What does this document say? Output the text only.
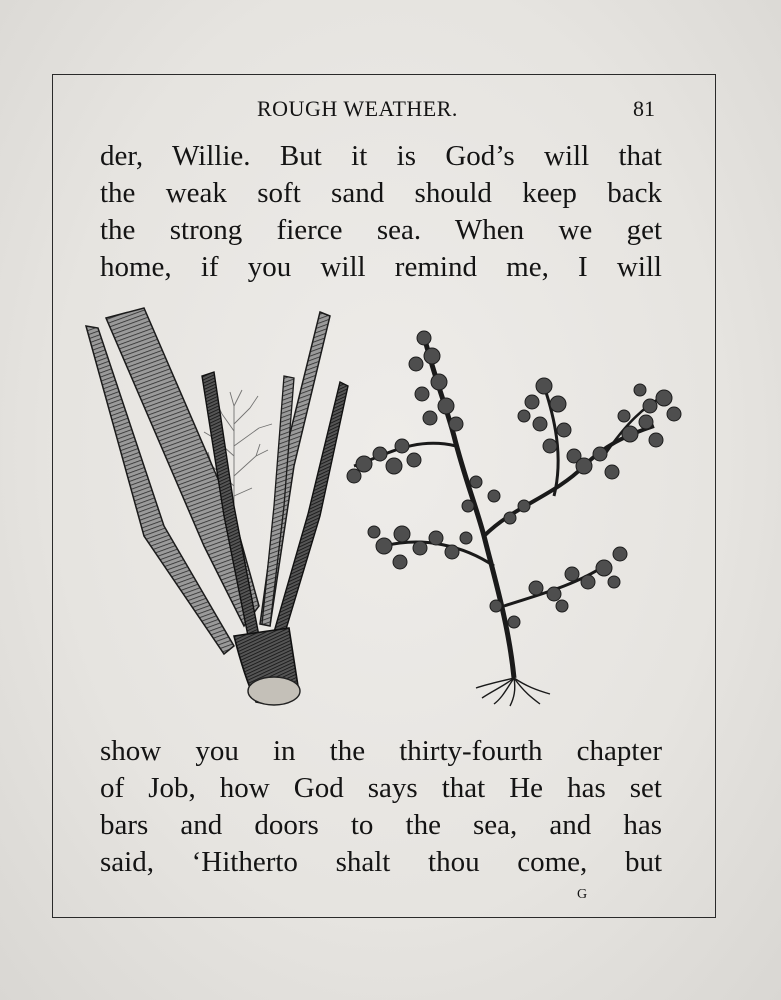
ROUGH WEATHER.	81
der, Willie. But it is God’s will that
the weak soft sand should keep back
the strong fierce sea. When we get
home, if you will remind me, I will
show you in the thirty-fourth chapter
of Job, how God says that He has set
bars and doors to the sea, and has
said, ‘Hitherto shalt thou come, but
G
